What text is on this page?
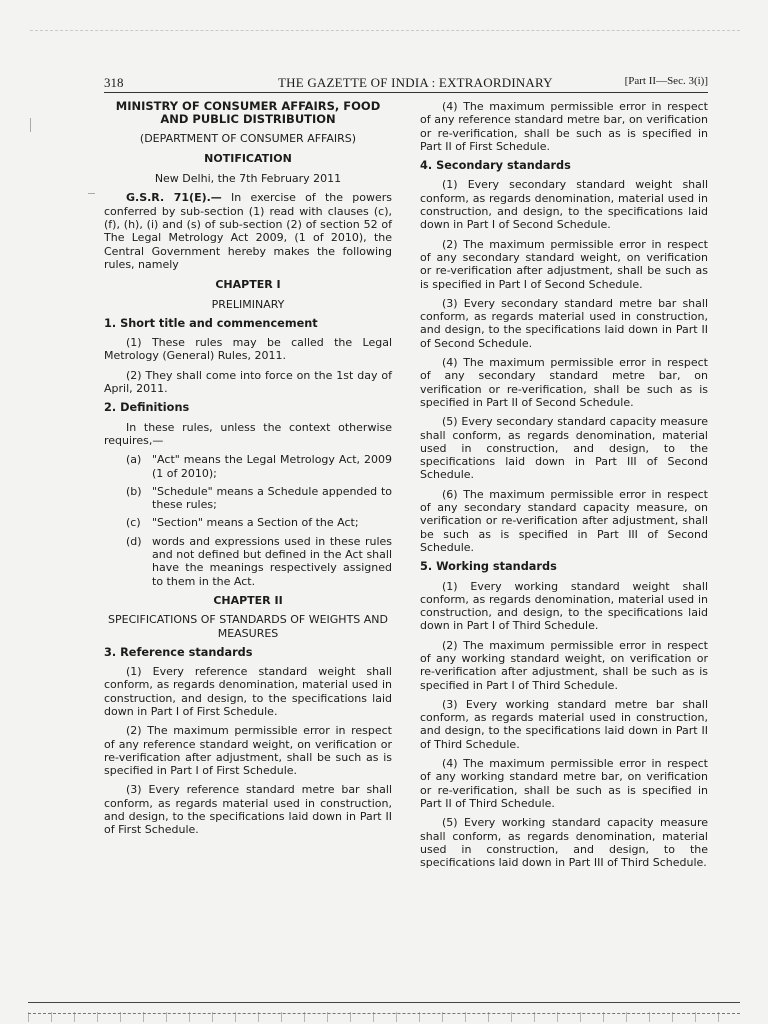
318	THE GAZETTE OF INDIA : EXTRAORDINARY	[Part II—Sec. 3(i)]
MINISTRY OF CONSUMER AFFAIRS, FOOD AND PUBLIC DISTRIBUTION
(DEPARTMENT OF CONSUMER AFFAIRS)
NOTIFICATION
New Delhi, the 7th February 2011
G.S.R. 71(E).— In exercise of the powers conferred by sub-section (1) read with clauses (c), (f), (h), (i) and (s) of sub-section (2) of section 52 of The Legal Metrology Act 2009, (1 of 2010), the Central Government hereby makes the following rules, namely
CHAPTER I
PRELIMINARY
1. Short title and commencement
(1) These rules may be called the Legal Metrology (General) Rules, 2011.
(2) They shall come into force on the 1st day of April, 2011.
2. Definitions
In these rules, unless the context otherwise requires,—
(a) "Act" means the Legal Metrology Act, 2009 (1 of 2010);
(b) "Schedule" means a Schedule appended to these rules;
(c)	"Section" means a Section of the Act;
(d) words and expressions used in these rules and not defined but defined in the Act shall have the meanings respectively assigned to them in the Act.
CHAPTER II
SPECIFICATIONS OF STANDARDS OF WEIGHTS AND MEASURES
3. Reference standards
(1) Every reference standard weight shall conform, as regards denomination, material used in construction, and design, to the specifications laid down in Part I of First Schedule.
(2) The maximum permissible error in respect of any reference standard weight, on verification or re-verification after adjustment, shall be such as is specified in Part I of First Schedule.
(3) Every reference standard metre bar shall conform, as regards material used in construction, and design, to the specifications laid down in Part II of First Schedule.
(4) The maximum permissible error in respect of any reference standard metre bar, on verification or re-verification, shall be such as is specified in Part II of First Schedule.
4. Secondary standards
(1) Every secondary standard weight shall conform, as regards denomination, material used in construction, and design, to the specifications laid down in Part I of Second Schedule.
(2) The maximum permissible error in respect of any secondary standard weight, on verification or re-verification after adjustment, shall be such as is specified in Part I of Second Schedule.
(3) Every secondary standard metre bar shall conform, as regards material used in construction, and design, to the specifications laid down in Part II of Second Schedule.
(4) The maximum permissible error in respect of any secondary standard metre bar, on verification or re-verification, shall be such as is specified in Part II of Second Schedule.
(5) Every secondary standard capacity measure shall conform, as regards denomination, material used in construction, and design, to the specifications laid down in Part III of Second Schedule.
(6) The maximum permissible error in respect of any secondary standard capacity measure, on verification or re-verification after adjustment, shall be such as is specified in Part III of Second Schedule.
5. Working standards
(1) Every working standard weight shall conform, as regards denomination, material used in construction, and design, to the specifications laid down in Part I of Third Schedule.
(2) The maximum permissible error in respect of any working standard weight, on verification or re-verification after adjustment, shall be such as is specified in Part I of Third Schedule.
(3) Every working standard metre bar shall conform, as regards material used in construction, and design, to the specifications laid down in Part II of Third Schedule.
(4) The maximum permissible error in respect of any working standard metre bar, on verification or re-verification, shall be such as is specified in Part II of Third Schedule.
(5) Every working standard capacity measure shall conform, as regards denomination, material used in construction, and design, to the specifications laid down in Part III of Third Schedule.
